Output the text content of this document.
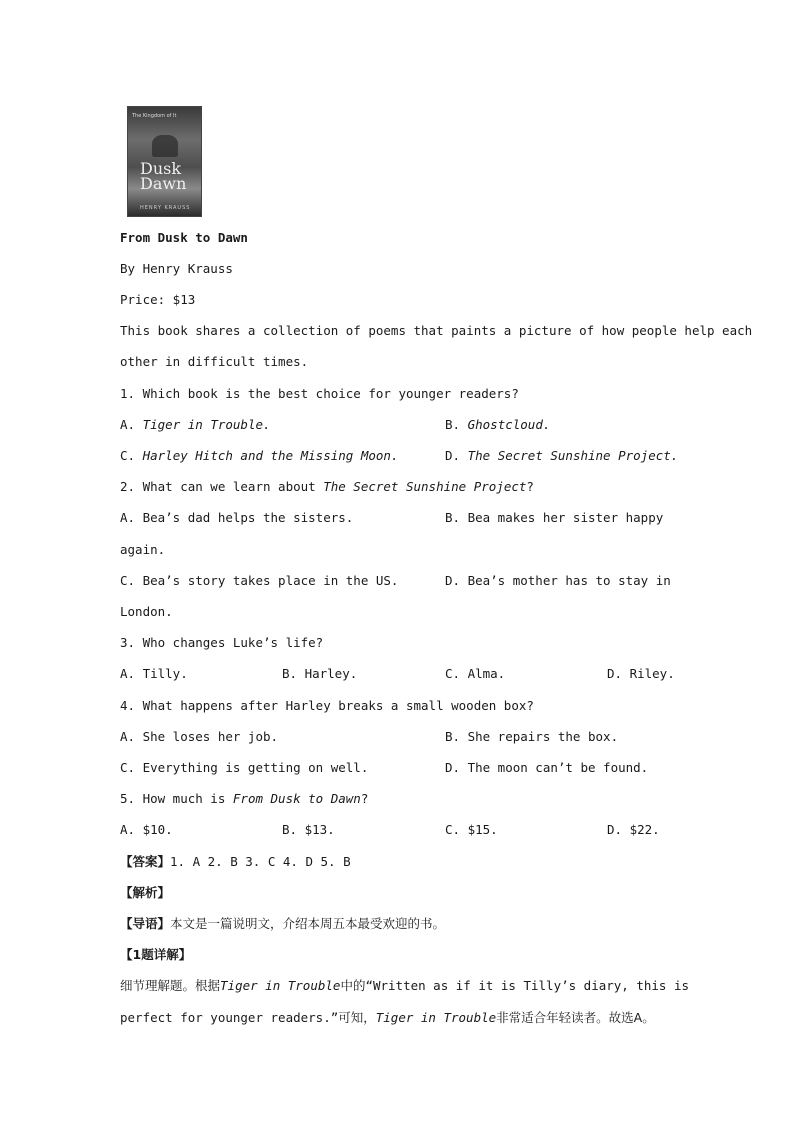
The Kingdom of It
Dusk
Dawn
HENRY KRAUSS
From Dusk to Dawn
By Henry Krauss
Price: $13
This book shares a collection of poems that paints a picture of how people help each
other in difficult times.
1. Which book is the best choice for younger readers?
A. Tiger in Trouble.	B. Ghostcloud.
C. Harley Hitch and the Missing Moon.	D. The Secret Sunshine Project.
2. What can we learn about The Secret Sunshine Project?
A. Bea’s dad helps the sisters.	B. Bea makes her sister happy
again.
C. Bea’s story takes place in the US.	D. Bea’s mother has to stay in
London.
3. Who changes Luke’s life?
A. Tilly.	B. Harley.	C. Alma.	D. Riley.
4. What happens after Harley breaks a small wooden box?
A. She loses her job.	B. She repairs the box.
C. Everything is getting on well.	D. The moon can’t be found.
5. How much is From Dusk to Dawn?
A. $10.	B. $13.	C. $15.	D. $22.
【答案】1. A 2. B 3. C 4. D 5. B
【解析】
【导语】本文是一篇说明文，介绍本周五本最受欢迎的书。
【1题详解】
细节理解题。根据Tiger in Trouble中的“Written as if it is Tilly’s diary, this is
perfect for younger readers.”可知，Tiger in Trouble非常适合年轻读者。故选A。
